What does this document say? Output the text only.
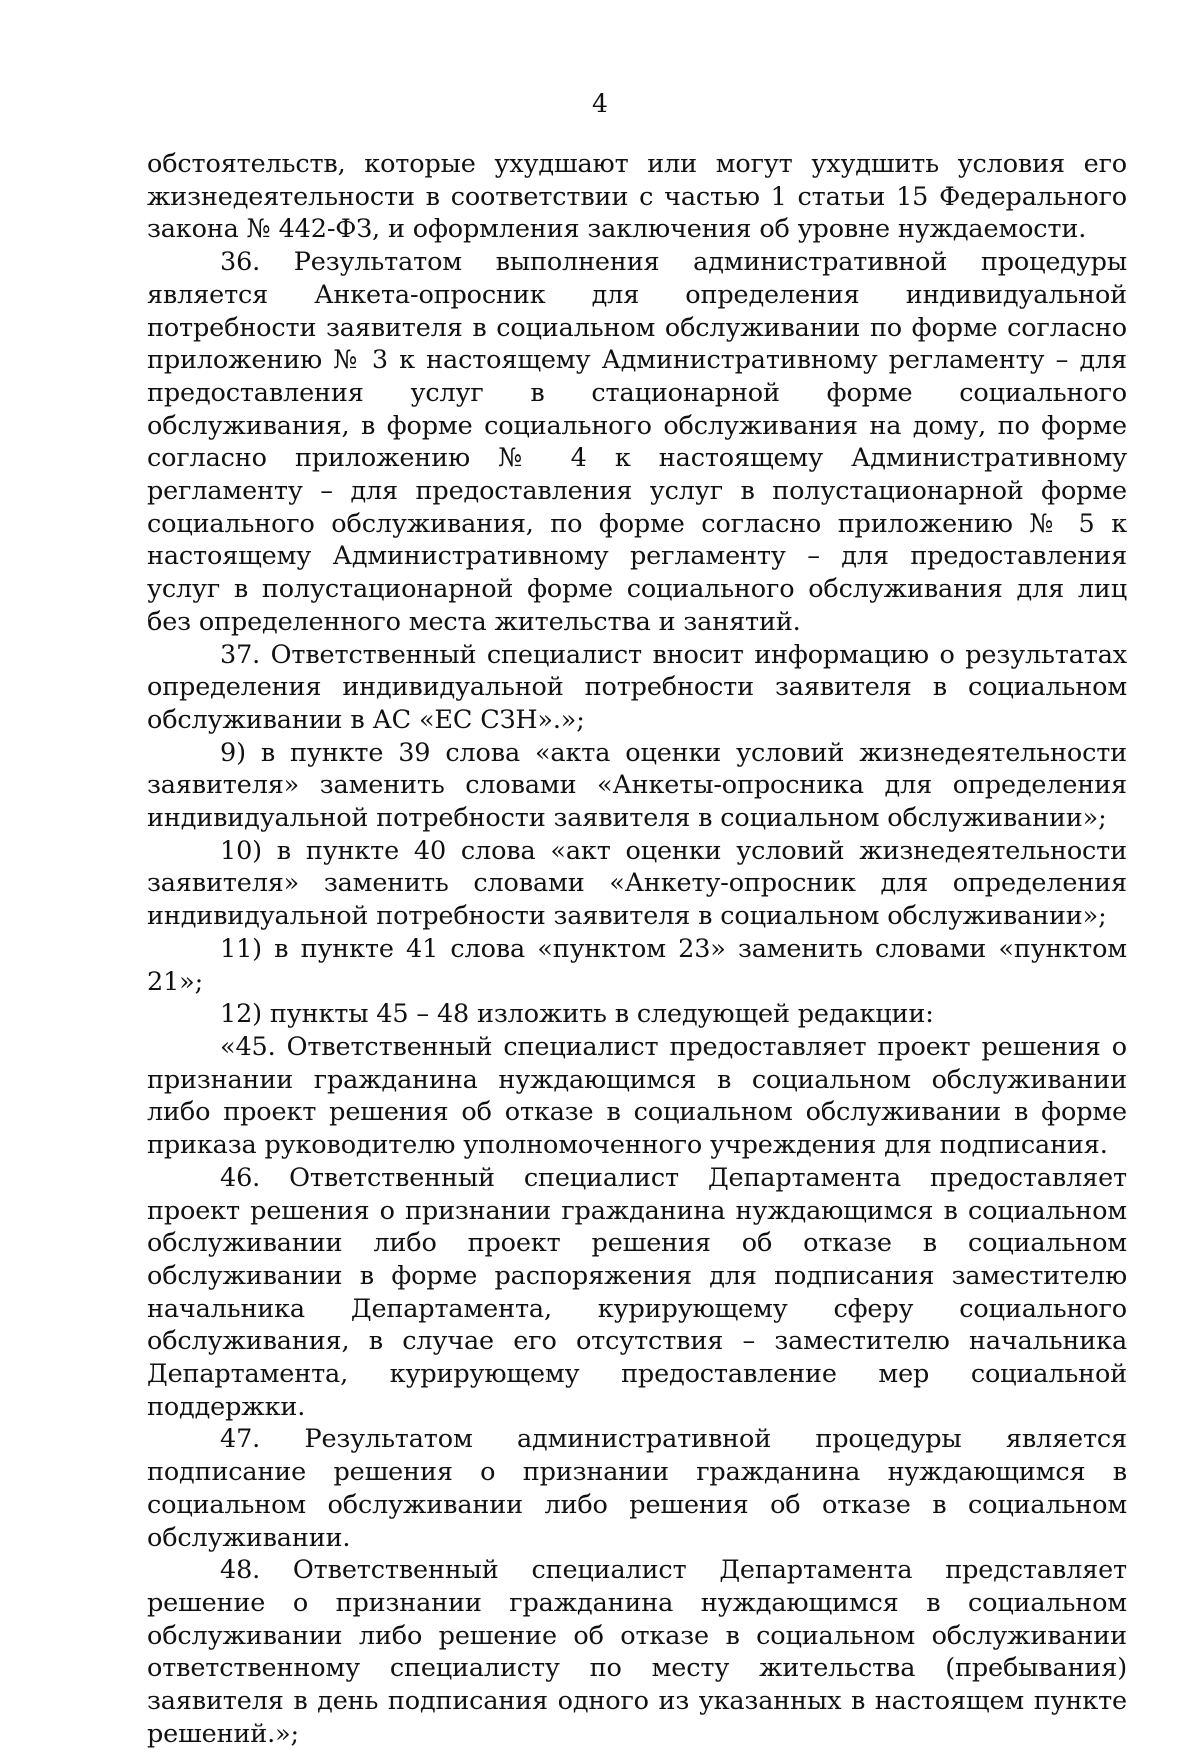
4

обстоятельств, которые ухудшают или могут ухудшить условия его жизнедеятельности в соответствии с частью 1 статьи 15 Федерального закона № 442-ФЗ, и оформления заключения об уровне нуждаемости.

36. Результатом выполнения административной процедуры является Анкета-опросник для определения индивидуальной потребности заявителя в социальном обслуживании по форме согласно приложению № 3 к настоящему Административному регламенту – для предоставления услуг в стационарной форме социального обслуживания, в форме социального обслуживания на дому, по форме согласно приложению № 4 к настоящему Административному регламенту – для предоставления услуг в полустационарной форме социального обслуживания, по форме согласно приложению № 5 к настоящему Административному регламенту – для предоставления услуг в полустационарной форме социального обслуживания для лиц без определенного места жительства и занятий.

37. Ответственный специалист вносит информацию о результатах определения индивидуальной потребности заявителя в социальном обслуживании в АС «ЕС СЗН».»;

9) в пункте 39 слова «акта оценки условий жизнедеятельности заявителя» заменить словами «Анкеты-опросника для определения индивидуальной потребности заявителя в социальном обслуживании»;

10) в пункте 40 слова «акт оценки условий жизнедеятельности заявителя» заменить словами «Анкету-опросник для определения индивидуальной потребности заявителя в социальном обслуживании»;

11) в пункте 41 слова «пунктом 23» заменить словами «пунктом 21»;

12) пункты 45 – 48 изложить в следующей редакции:

«45. Ответственный специалист предоставляет проект решения о признании гражданина нуждающимся в социальном обслуживании либо проект решения об отказе в социальном обслуживании в форме приказа руководителю уполномоченного учреждения для подписания.

46. Ответственный специалист Департамента предоставляет проект решения о признании гражданина нуждающимся в социальном обслуживании либо проект решения об отказе в социальном обслуживании в форме распоряжения для подписания заместителю начальника Департамента, курирующему сферу социального обслуживания, в случае его отсутствия – заместителю начальника Департамента, курирующему предоставление мер социальной поддержки.

47. Результатом административной процедуры является подписание решения о признании гражданина нуждающимся в социальном обслуживании либо решения об отказе в социальном обслуживании.

48. Ответственный специалист Департамента представляет решение о признании гражданина нуждающимся в социальном обслуживании либо решение об отказе в социальном обслуживании ответственному специалисту по месту жительства (пребывания) заявителя в день подписания одного из указанных в настоящем пункте решений.»;
